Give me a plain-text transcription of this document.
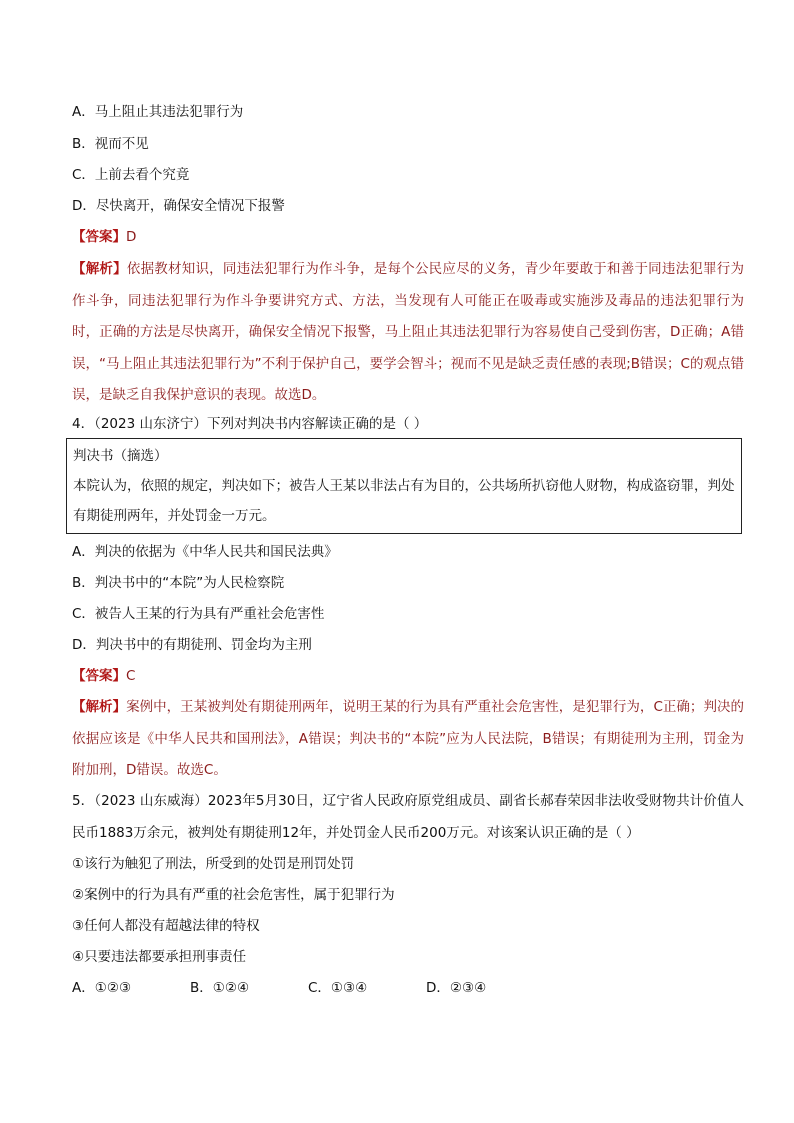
A．马上阻止其违法犯罪行为
B．视而不见
C．上前去看个究竟
D．尽快离开，确保安全情况下报警
【答案】D
【解析】依据教材知识，同违法犯罪行为作斗争，是每个公民应尽的义务，青少年要敢于和善于同违法犯罪行为作斗争，同违法犯罪行为作斗争要讲究方式、方法，当发现有人可能正在吸毒或实施涉及毒品的违法犯罪行为时，正确的方法是尽快离开，确保安全情况下报警，马上阻止其违法犯罪行为容易使自己受到伤害，D正确；A错误，“马上阻止其违法犯罪行为”不利于保护自己，要学会智斗；视而不见是缺乏责任感的表现;B错误；C的观点错误，是缺乏自我保护意识的表现。故选D。
4．（2023 山东济宁）下列对判决书内容解读正确的是（ ）
判决书（摘选）
本院认为，依照的规定，判决如下；被告人王某以非法占有为目的，公共场所扒窃他人财物，构成盗窃罪，判处有期徒刑两年，并处罚金一万元。
A．判决的依据为《中华人民共和国民法典》
B．判决书中的“本院”为人民检察院
C．被告人王某的行为具有严重社会危害性
D．判决书中的有期徒刑、罚金均为主刑
【答案】C
【解析】案例中，王某被判处有期徒刑两年，说明王某的行为具有严重社会危害性，是犯罪行为，C正确；判决的依据应该是《中华人民共和国刑法》，A错误；判决书的“本院”应为人民法院，B错误；有期徒刑为主刑，罚金为附加刑，D错误。故选C。
5．（2023 山东威海）2023年5月30日，辽宁省人民政府原党组成员、副省长郝春荣因非法收受财物共计价值人民币1883万余元，被判处有期徒刑12年，并处罚金人民币200万元。对该案认识正确的是（ ）
①该行为触犯了刑法，所受到的处罚是刑罚处罚
②案例中的行为具有严重的社会危害性，属于犯罪行为
③任何人都没有超越法律的特权
④只要违法都要承担刑事责任
A．①②③	B．①②④	C．①③④	D．②③④
